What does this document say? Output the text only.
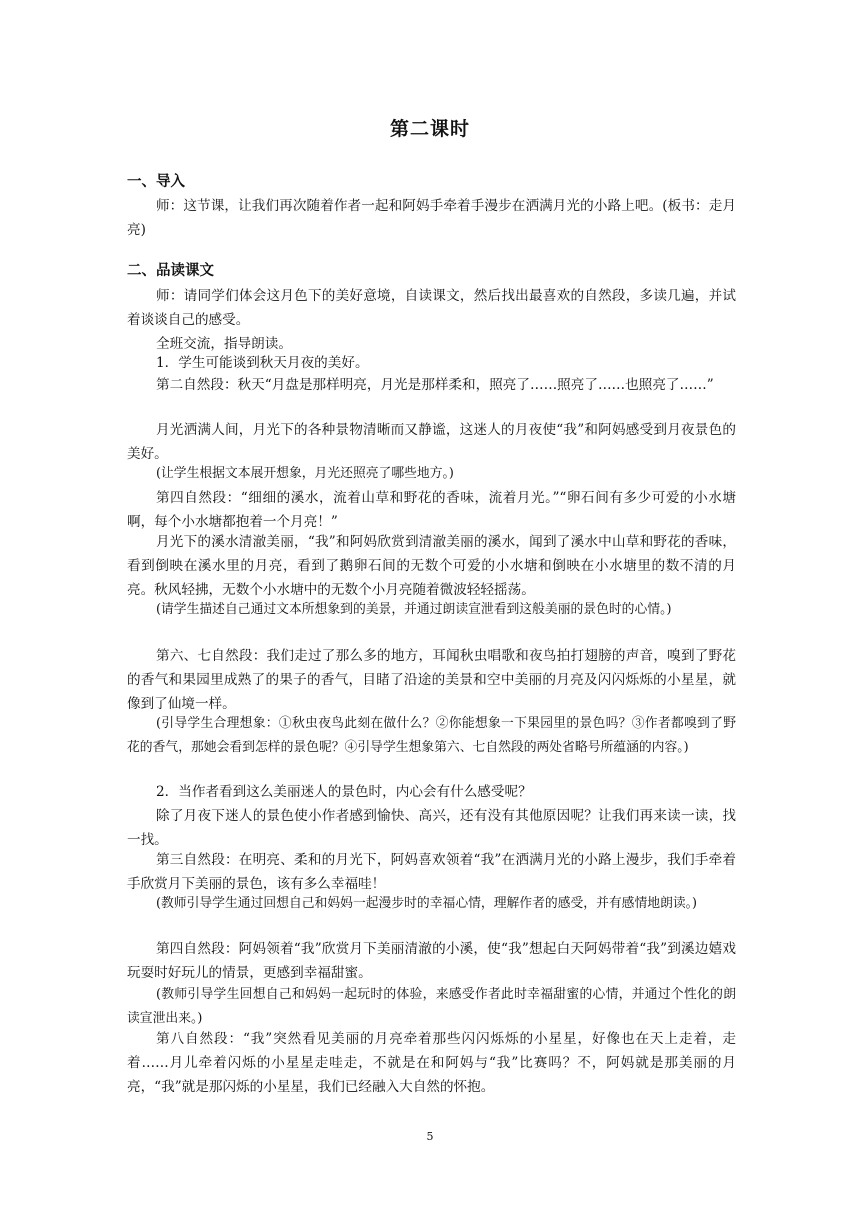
第二课时
一、导入

师：这节课，让我们再次随着作者一起和阿妈手牵着手漫步在洒满月光的小路上吧。(板书：走月亮)

二、品读课文

师：请同学们体会这月色下的美好意境，自读课文，然后找出最喜欢的自然段，多读几遍，并试着谈谈自己的感受。

全班交流，指导朗读。

1．学生可能谈到秋天月夜的美好。

第二自然段：秋天“月盘是那样明亮，月光是那样柔和，照亮了……照亮了……也照亮了……”

月光洒满人间，月光下的各种景物清晰而又静谧，这迷人的月夜使“我”和阿妈感受到月夜景色的美好。

(让学生根据文本展开想象，月光还照亮了哪些地方。)

第四自然段：“细细的溪水，流着山草和野花的香味，流着月光。”“卵石间有多少可爱的小水塘啊，每个小水塘都抱着一个月亮！”

月光下的溪水清澈美丽，“我”和阿妈欣赏到清澈美丽的溪水，闻到了溪水中山草和野花的香味，看到倒映在溪水里的月亮，看到了鹅卵石间的无数个可爱的小水塘和倒映在小水塘里的数不清的月亮。秋风轻拂，无数个小水塘中的无数个小月亮随着微波轻轻摇荡。

(请学生描述自己通过文本所想象到的美景，并通过朗读宣泄看到这般美丽的景色时的心情。)

第六、七自然段：我们走过了那么多的地方，耳闻秋虫唱歌和夜鸟拍打翅膀的声音，嗅到了野花的香气和果园里成熟了的果子的香气，目睹了沿途的美景和空中美丽的月亮及闪闪烁烁的小星星，就像到了仙境一样。

(引导学生合理想象：①秋虫夜鸟此刻在做什么？②你能想象一下果园里的景色吗？③作者都嗅到了野花的香气，那她会看到怎样的景色呢？④引导学生想象第六、七自然段的两处省略号所蕴涵的内容。)

2．当作者看到这么美丽迷人的景色时，内心会有什么感受呢？

除了月夜下迷人的景色使小作者感到愉快、高兴，还有没有其他原因呢？让我们再来读一读，找一找。

第三自然段：在明亮、柔和的月光下，阿妈喜欢领着“我”在洒满月光的小路上漫步，我们手牵着手欣赏月下美丽的景色，该有多么幸福哇！

(教师引导学生通过回想自己和妈妈一起漫步时的幸福心情，理解作者的感受，并有感情地朗读。)

第四自然段：阿妈领着“我”欣赏月下美丽清澈的小溪，使“我”想起白天阿妈带着“我”到溪边嬉戏玩耍时好玩儿的情景，更感到幸福甜蜜。

(教师引导学生回想自己和妈妈一起玩时的体验，来感受作者此时幸福甜蜜的心情，并通过个性化的朗读宣泄出来。)

第八自然段：“我”突然看见美丽的月亮牵着那些闪闪烁烁的小星星，好像也在天上走着，走着……月儿牵着闪烁的小星星走哇走，不就是在和阿妈与“我”比赛吗？不，阿妈就是那美丽的月亮，“我”就是那闪烁的小星星，我们已经融入大自然的怀抱。

5
